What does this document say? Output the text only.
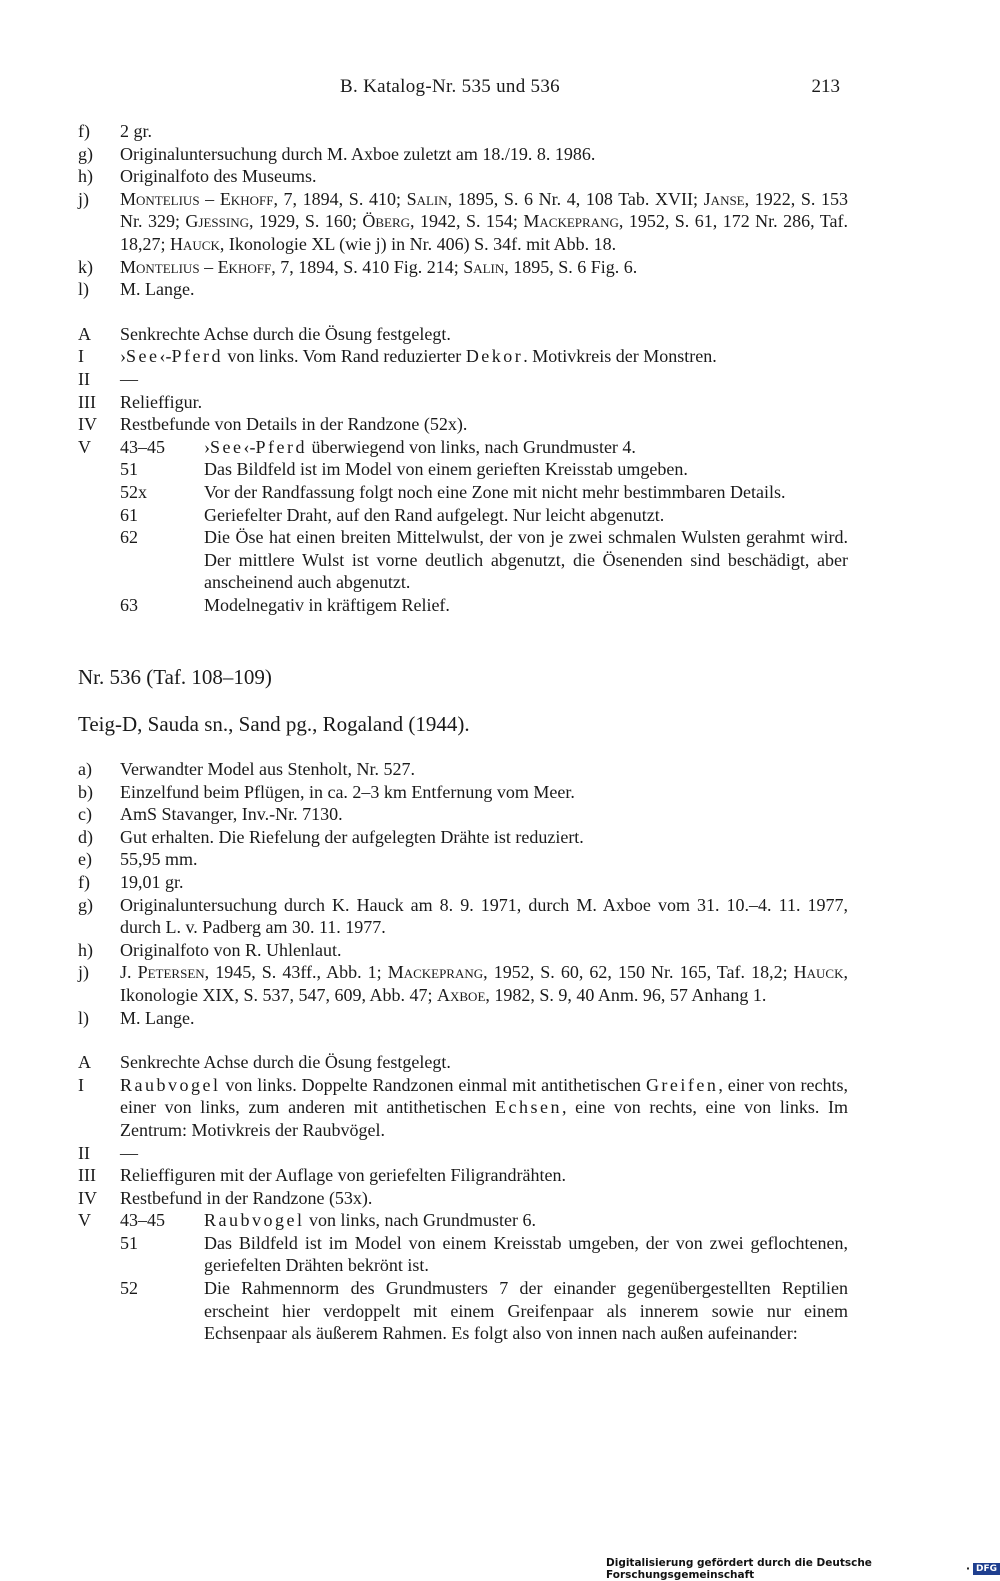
B. Katalog-Nr. 535 und 536	213
f)	2 gr.
g)	Originaluntersuchung durch M. Axboe zuletzt am 18./19. 8. 1986.
h)	Originalfoto des Museums.
j)	Montelius – Ekhoff, 7, 1894, S. 410; Salin, 1895, S. 6 Nr. 4, 108 Tab. XVII; Janse, 1922, S. 153 Nr. 329; Gjessing, 1929, S. 160; Öberg, 1942, S. 154; Mackeprang, 1952, S. 61, 172 Nr. 286, Taf. 18,27; Hauck, Ikonologie XL (wie j) in Nr. 406) S. 34f. mit Abb. 18.
k)	Montelius – Ekhoff, 7, 1894, S. 410 Fig. 214; Salin, 1895, S. 6 Fig. 6.
l)	M. Lange.
A	Senkrechte Achse durch die Ösung festgelegt.
I	›See‹-Pferd von links. Vom Rand reduzierter Dekor. Motivkreis der Monstren.
II	—
III	Relieffigur.
IV	Restbefunde von Details in der Randzone (52x).
V	43–45	›See‹-Pferd überwiegend von links, nach Grundmuster 4.
51	Das Bildfeld ist im Model von einem gerieften Kreisstab umgeben.
52x	Vor der Randfassung folgt noch eine Zone mit nicht mehr bestimmbaren Details.
61	Geriefelter Draht, auf den Rand aufgelegt. Nur leicht abgenutzt.
62	Die Öse hat einen breiten Mittelwulst, der von je zwei schmalen Wulsten gerahmt wird. Der mittlere Wulst ist vorne deutlich abgenutzt, die Ösenenden sind beschädigt, aber anscheinend auch abgenutzt.
63	Modelnegativ in kräftigem Relief.
Nr. 536 (Taf. 108–109)
Teig-D, Sauda sn., Sand pg., Rogaland (1944).
a)	Verwandter Model aus Stenholt, Nr. 527.
b)	Einzelfund beim Pflügen, in ca. 2–3 km Entfernung vom Meer.
c)	AmS Stavanger, Inv.-Nr. 7130.
d)	Gut erhalten. Die Riefelung der aufgelegten Drähte ist reduziert.
e)	55,95 mm.
f)	19,01 gr.
g)	Originaluntersuchung durch K. Hauck am 8. 9. 1971, durch M. Axboe vom 31. 10.–4. 11. 1977, durch L. v. Padberg am 30. 11. 1977.
h)	Originalfoto von R. Uhlenlaut.
j)	J. Petersen, 1945, S. 43ff., Abb. 1; Mackeprang, 1952, S. 60, 62, 150 Nr. 165, Taf. 18,2; Hauck, Ikonologie XIX, S. 537, 547, 609, Abb. 47; Axboe, 1982, S. 9, 40 Anm. 96, 57 Anhang 1.
l)	M. Lange.
A	Senkrechte Achse durch die Ösung festgelegt.
I	Raubvogel von links. Doppelte Randzonen einmal mit antithetischen Greifen, einer von rechts, einer von links, zum anderen mit antithetischen Echsen, eine von rechts, eine von links. Im Zentrum: Motivkreis der Raubvögel.
II	—
III	Relieffiguren mit der Auflage von geriefelten Filigrandrähten.
IV	Restbefund in der Randzone (53x).
V	43–45	Raubvogel von links, nach Grundmuster 6.
51	Das Bildfeld ist im Model von einem Kreisstab umgeben, der von zwei geflochtenen, geriefelten Drähten bekrönt ist.
52	Die Rahmennorm des Grundmusters 7 der einander gegenübergestellten Reptilien erscheint hier verdoppelt mit einem Greifenpaar als innerem sowie nur einem Echsenpaar als äußerem Rahmen. Es folgt also von innen nach außen aufeinander:
Digitalisierung gefördert durch die Deutsche Forschungsgemeinschaft	· DFG
